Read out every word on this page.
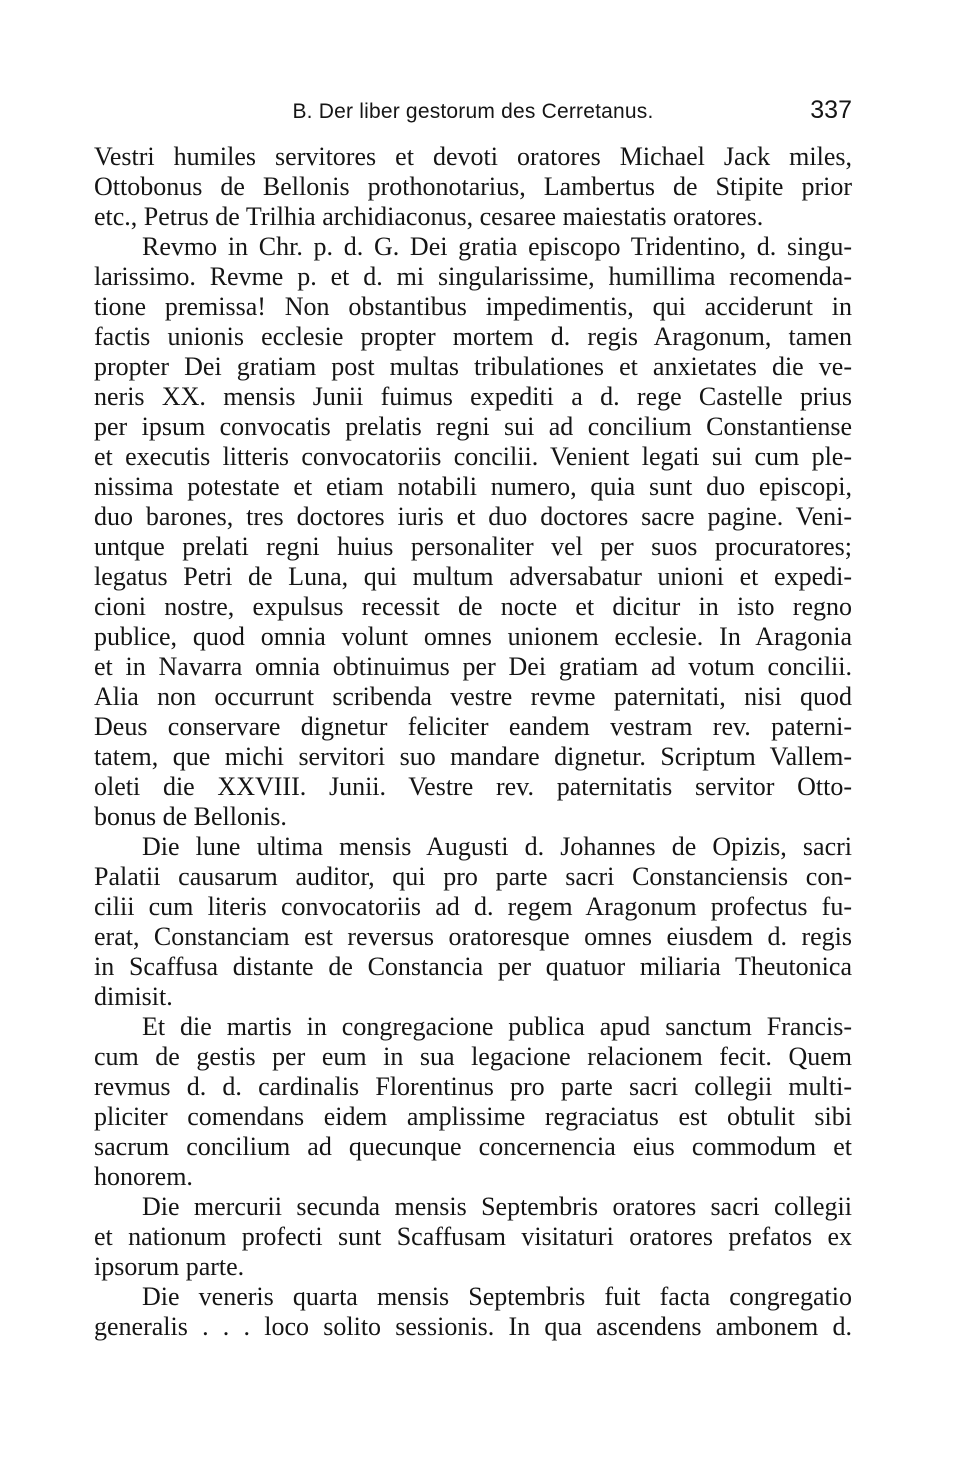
B. Der liber gestorum des Cerretanus.	337
Vestri humiles servitores et devoti oratores Michael Jack miles,
Ottobonus de Bellonis prothonotarius, Lambertus de Stipite prior
etc., Petrus de Trilhia archidiaconus, cesaree maiestatis oratores.
Revmo in Chr. p. d. G. Dei gratia episcopo Tridentino, d. singu-
larissimo. Revme p. et d. mi singularissime, humillima recomenda-
tione premissa! Non obstantibus impedimentis, qui acciderunt in
factis unionis ecclesie propter mortem d. regis Aragonum, tamen
propter Dei gratiam post multas tribulationes et anxietates die ve-
neris XX. mensis Junii fuimus expediti a d. rege Castelle prius
per ipsum convocatis prelatis regni sui ad concilium Constantiense
et executis litteris convocatoriis concilii. Venient legati sui cum ple-
nissima potestate et etiam notabili numero, quia sunt duo episcopi,
duo barones, tres doctores iuris et duo doctores sacre pagine. Veni-
untque prelati regni huius personaliter vel per suos procuratores;
legatus Petri de Luna, qui multum adversabatur unioni et expedi-
cioni nostre, expulsus recessit de nocte et dicitur in isto regno
publice, quod omnia volunt omnes unionem ecclesie. In Aragonia
et in Navarra omnia obtinuimus per Dei gratiam ad votum concilii.
Alia non occurrunt scribenda vestre revme paternitati, nisi quod
Deus conservare dignetur feliciter eandem vestram rev. paterni-
tatem, que michi servitori suo mandare dignetur. Scriptum Vallem-
oleti die XXVIII. Junii. Vestre rev. paternitatis servitor Otto-
bonus de Bellonis.
Die lune ultima mensis Augusti d. Johannes de Opizis, sacri
Palatii causarum auditor, qui pro parte sacri Constanciensis con-
cilii cum literis convocatoriis ad d. regem Aragonum profectus fu-
erat, Constanciam est reversus oratoresque omnes eiusdem d. regis
in Scaffusa distante de Constancia per quatuor miliaria Theutonica
dimisit.
Et die martis in congregacione publica apud sanctum Francis-
cum de gestis per eum in sua legacione relacionem fecit. Quem
revmus d. d. cardinalis Florentinus pro parte sacri collegii multi-
pliciter comendans eidem amplissime regraciatus est obtulit sibi
sacrum concilium ad quecunque concernencia eius commodum et
honorem.
Die mercurii secunda mensis Septembris oratores sacri collegii
et nationum profecti sunt Scaffusam visitaturi oratores prefatos ex
ipsorum parte.
Die veneris quarta mensis Septembris fuit facta congregatio
generalis . . . loco solito sessionis. In qua ascendens ambonem d.
